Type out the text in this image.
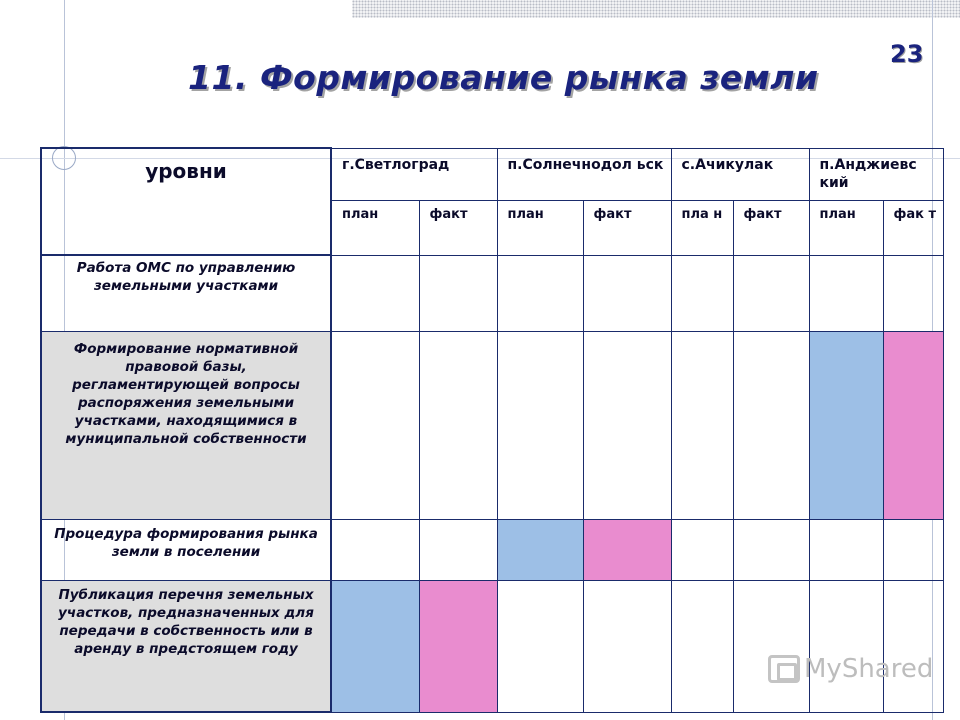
23
11. Формирование рынка земли
уровни	г.Светлоград		п.Солнечнодол ьск		с.Ачикулак		п.Анджиевс кий	
	план	факт	план	факт	пла н	факт	план	фак т
Работа ОМС по управлению земельными участками								
Формирование нормативной правовой базы, регламентирующей вопросы распоряжения земельными участками, находящимися в муниципальной собственности								
Процедура формирования рынка земли в поселении								
Публикация перечня земельных участков, предназначенных для передачи в собственность или в аренду в предстоящем году								
MyShared
